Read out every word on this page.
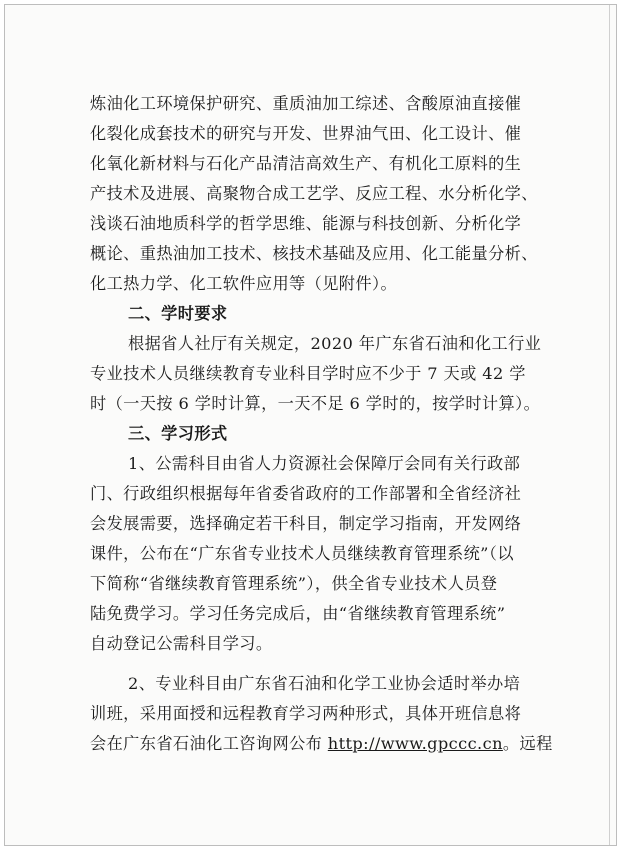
炼油化工环境保护研究、重质油加工综述、含酸原油直接催
化裂化成套技术的研究与开发、世界油气田、化工设计、催
化氧化新材料与石化产品清洁高效生产、有机化工原料的生
产技术及进展、高聚物合成工艺学、反应工程、水分析化学、
浅谈石油地质科学的哲学思维、能源与科技创新、分析化学
概论、重热油加工技术、核技术基础及应用、化工能量分析、
化工热力学、化工软件应用等（见附件）。
二、学时要求
根据省人社厅有关规定，2020 年广东省石油和化工行业
专业技术人员继续教育专业科目学时应不少于 7 天或 42 学
时（一天按 6 学时计算，一天不足 6 学时的，按学时计算）。
三、学习形式
1、公需科目由省人力资源社会保障厅会同有关行政部
门、行政组织根据每年省委省政府的工作部署和全省经济社
会发展需要，选择确定若干科目，制定学习指南，开发网络
课件，公布在“广东省专业技术人员继续教育管理系统”（以
下简称“省继续教育管理系统”），供全省专业技术人员登
陆免费学习。学习任务完成后，由“省继续教育管理系统”
自动登记公需科目学习。
2、专业科目由广东省石油和化学工业协会适时举办培
训班，采用面授和远程教育学习两种形式，具体开班信息将
会在广东省石油化工咨询网公布 http://www.gpccc.cn。远程
